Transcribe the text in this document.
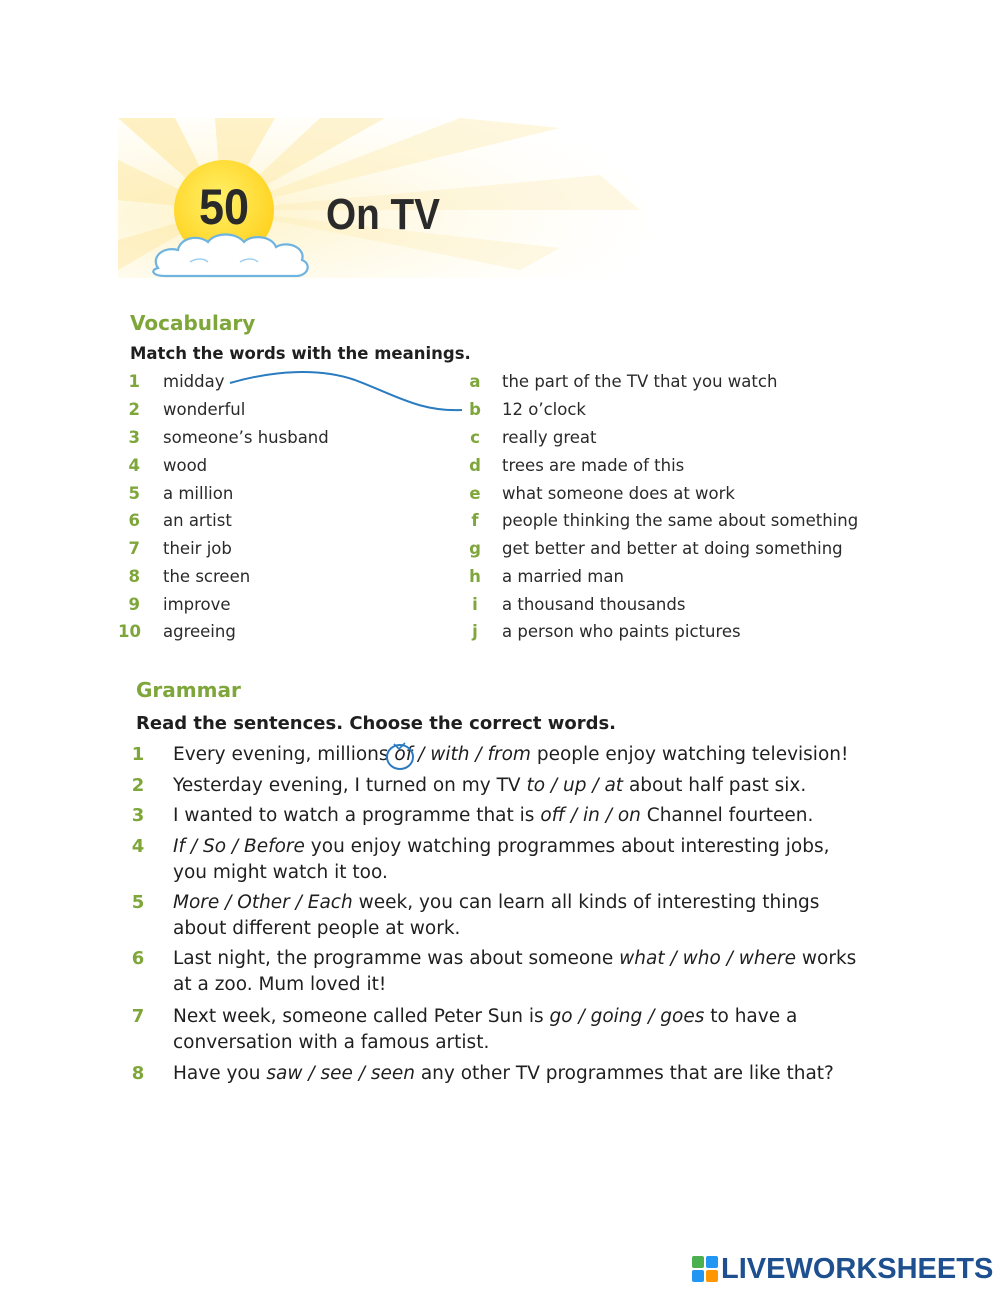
50 On TV
Vocabulary
Match the words with the meanings.
1 midday	a the part of the TV that you watch
2 wonderful	b 12 o’clock
3 someone’s husband	c really great
4 wood	d trees are made of this
5 a million	e what someone does at work
6 an artist	f people thinking the same about something
7 their job	g get better and better at doing something
8 the screen	h a married man
9 improve	i a thousand thousands
10 agreeing	j a person who paints pictures
Grammar
Read the sentences. Choose the correct words.
1 Every evening, millions of / with / from people enjoy watching television!
2 Yesterday evening, I turned on my TV to / up / at about half past six.
3 I wanted to watch a programme that is off / in / on Channel fourteen.
4 If / So / Before you enjoy watching programmes about interesting jobs, you might watch it too.
5 More / Other / Each week, you can learn all kinds of interesting things about different people at work.
6 Last night, the programme was about someone what / who / where works at a zoo. Mum loved it!
7 Next week, someone called Peter Sun is go / going / goes to have a conversation with a famous artist.
8 Have you saw / see / seen any other TV programmes that are like that?
LIVEWORKSHEETS
